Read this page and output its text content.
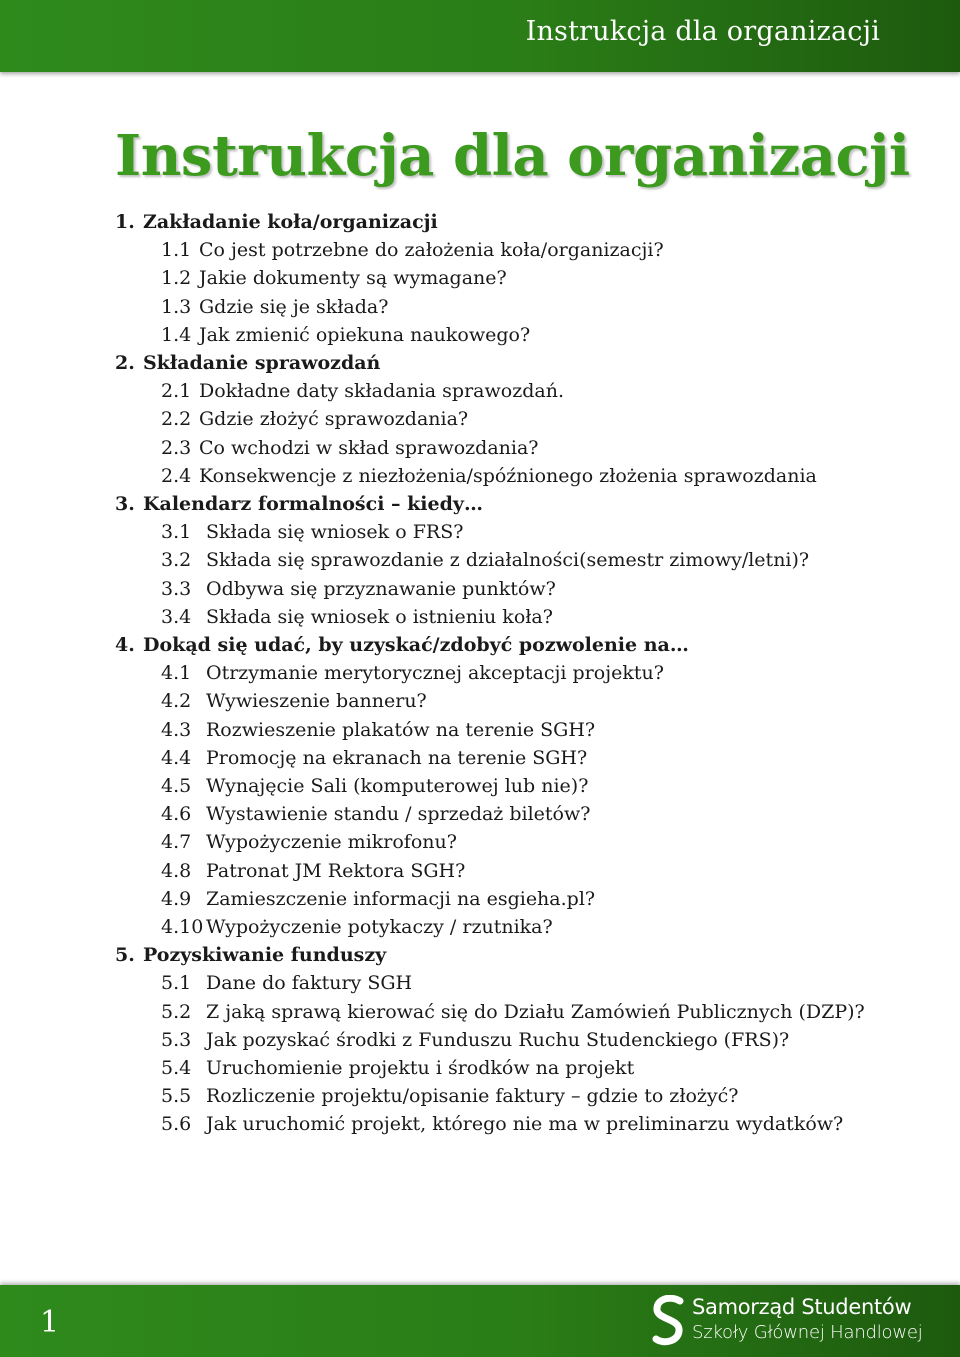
Instrukcja dla organizacji
Instrukcja dla organizacji
1. Zakładanie koła/organizacji
1.1 Co jest potrzebne do założenia koła/organizacji?
1.2 Jakie dokumenty są wymagane?
1.3 Gdzie się je składa?
1.4 Jak zmienić opiekuna naukowego?
2. Składanie sprawozdań
2.1 Dokładne daty składania sprawozdań.
2.2 Gdzie złożyć sprawozdania?
2.3 Co wchodzi w skład sprawozdania?
2.4 Konsekwencje z niezłożenia/spóźnionego złożenia sprawozdania
3. Kalendarz formalności – kiedy…
3.1 Składa się wniosek o FRS?
3.2 Składa się sprawozdanie z działalności(semestr zimowy/letni)?
3.3 Odbywa się przyznawanie punktów?
3.4 Składa się wniosek o istnieniu koła?
4. Dokąd się udać, by uzyskać/zdobyć pozwolenie na…
4.1 Otrzymanie merytorycznej akceptacji projektu?
4.2 Wywieszenie banneru?
4.3 Rozwieszenie plakatów na terenie SGH?
4.4 Promocję na ekranach na terenie SGH?
4.5 Wynajęcie Sali (komputerowej lub nie)?
4.6 Wystawienie standu / sprzedaż biletów?
4.7 Wypożyczenie mikrofonu?
4.8 Patronat JM Rektora SGH?
4.9 Zamieszczenie informacji na esgieha.pl?
4.10 Wypożyczenie potykaczy / rzutnika?
5. Pozyskiwanie funduszy
5.1 Dane do faktury SGH
5.2 Z jaką sprawą kierować się do Działu Zamówień Publicznych (DZP)?
5.3 Jak pozyskać środki z Funduszu Ruchu Studenckiego (FRS)?
5.4 Uruchomienie projektu i środków na projekt
5.5 Rozliczenie projektu/opisanie faktury – gdzie to złożyć?
5.6 Jak uruchomić projekt, którego nie ma w preliminarzu wydatków?
1	Samorząd Studentów
Szkoły Głównej Handlowej
